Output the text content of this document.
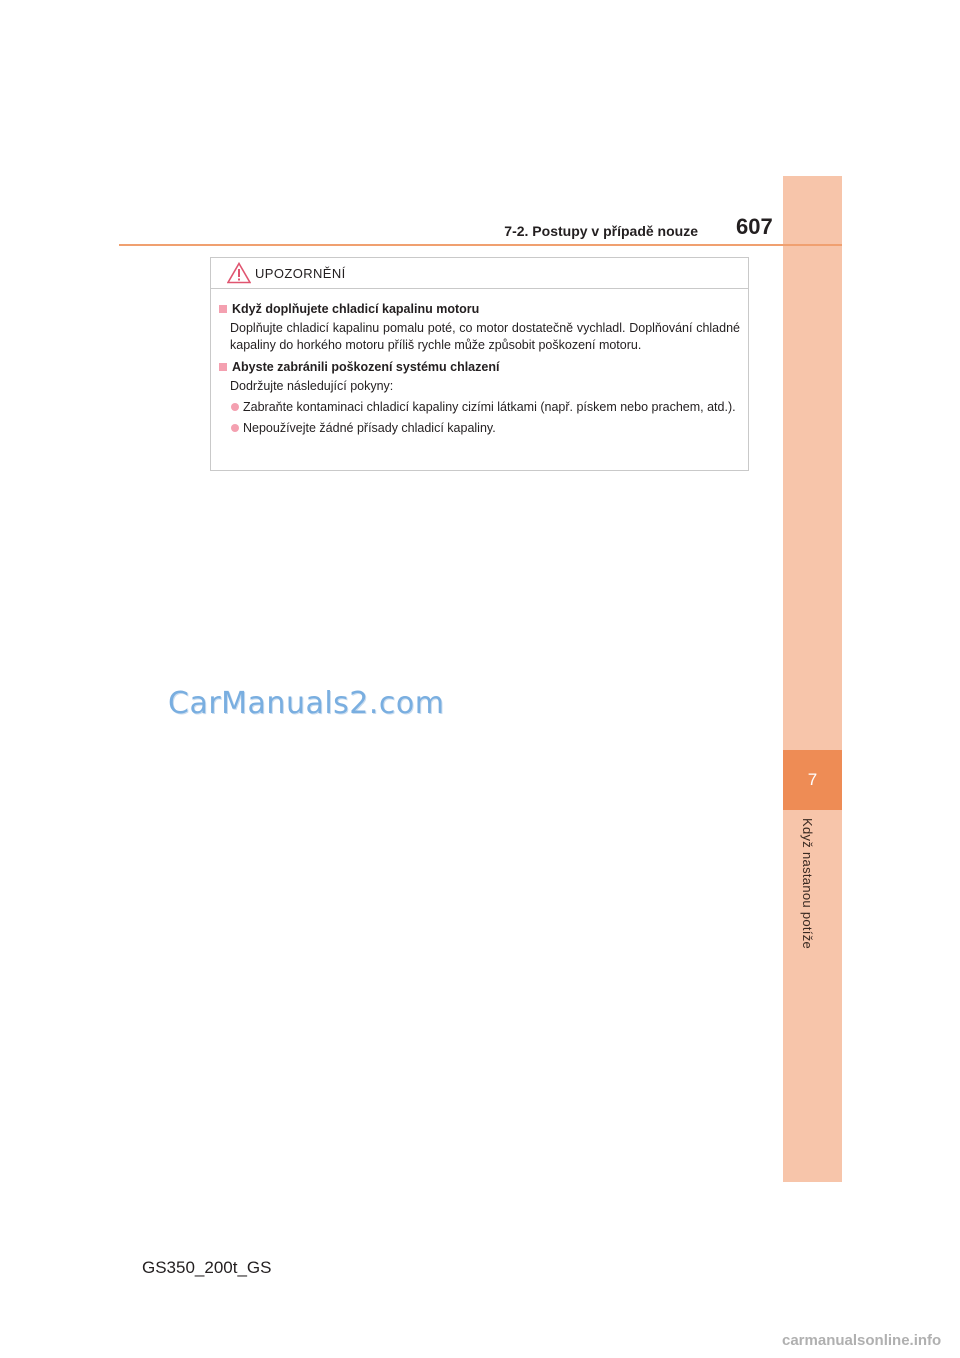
7
Když nastanou potíže
7-2. Postupy v případě nouze 607
UPOZORNĚNÍ
Když doplňujete chladicí kapalinu motoru
Doplňujte chladicí kapalinu pomalu poté, co motor dostatečně vychladl. Doplňování chladné kapaliny do horkého motoru příliš rychle může způsobit poškození motoru.
Abyste zabránili poškození systému chlazení
Dodržujte následující pokyny:
Zabraňte kontaminaci chladicí kapaliny cizími látkami (např. pískem nebo prachem, atd.).
Nepoužívejte žádné přísady chladicí kapaliny.
CarManuals2.com
GS350_200t_GS
carmanualsonline.info
